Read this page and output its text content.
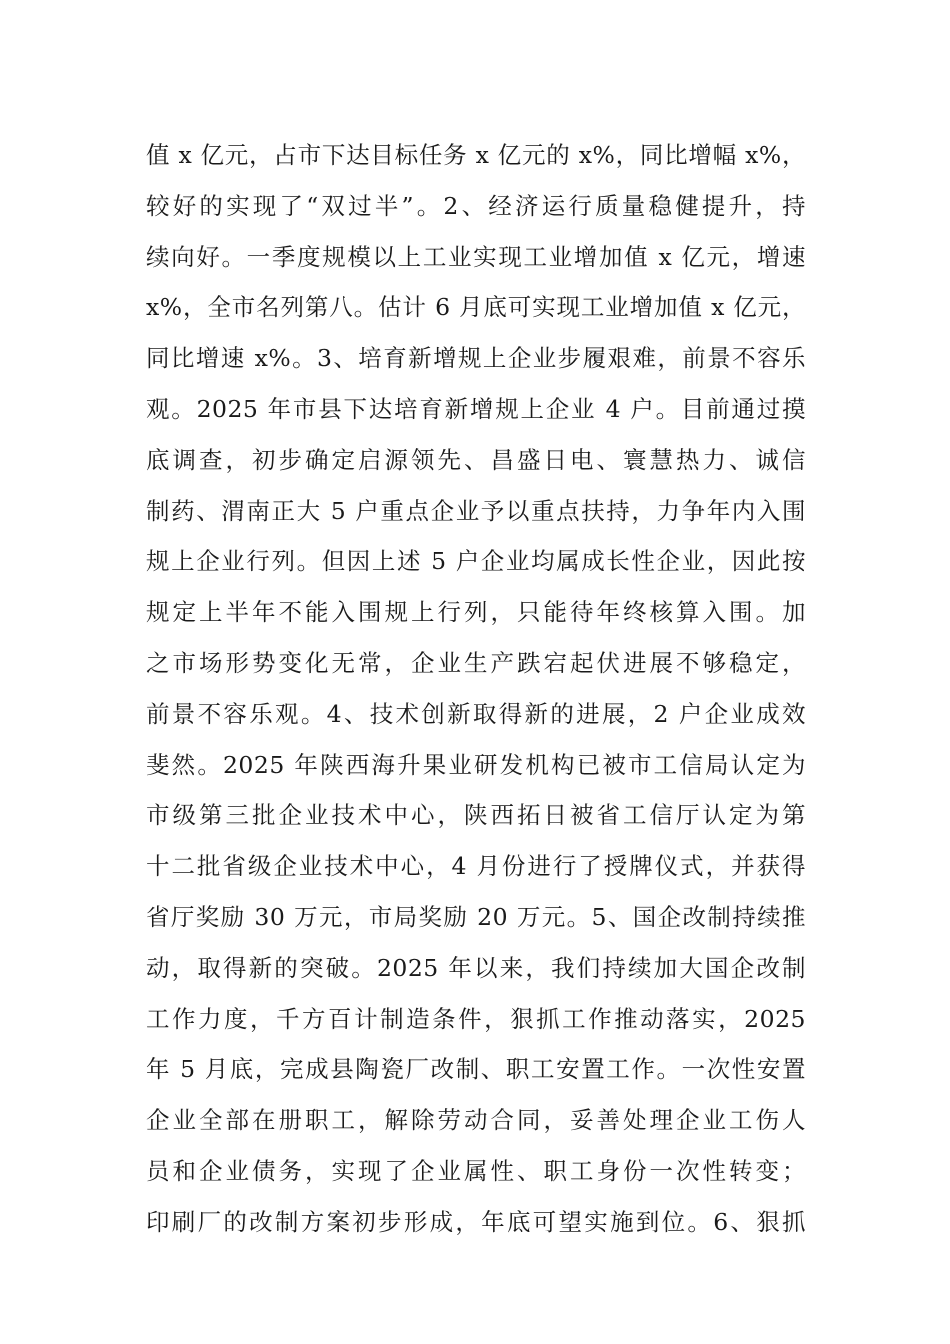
值 x 亿元，占市下达目标任务 x 亿元的 x%，同比增幅 x%，
较好的实现了“双过半”。2、经济运行质量稳健提升，持
续向好。一季度规模以上工业实现工业增加值 x 亿元，增速
x%，全市名列第八。估计 6 月底可实现工业增加值 x 亿元，
同比增速 x%。3、培育新增规上企业步履艰难，前景不容乐
观。2025 年市县下达培育新增规上企业 4 户。目前通过摸
底调查，初步确定启源领先、昌盛日电、寰慧热力、诚信
制药、渭南正大 5 户重点企业予以重点扶持，力争年内入围
规上企业行列。但因上述 5 户企业均属成长性企业，因此按
规定上半年不能入围规上行列，只能待年终核算入围。加
之市场形势变化无常，企业生产跌宕起伏进展不够稳定，
前景不容乐观。4、技术创新取得新的进展，2 户企业成效
斐然。2025 年陕西海升果业研发机构已被市工信局认定为
市级第三批企业技术中心，陕西拓日被省工信厅认定为第
十二批省级企业技术中心，4 月份进行了授牌仪式，并获得
省厅奖励 30 万元，市局奖励 20 万元。5、国企改制持续推
动，取得新的突破。2025 年以来，我们持续加大国企改制
工作力度，千方百计制造条件，狠抓工作推动落实，2025
年 5 月底，完成县陶瓷厂改制、职工安置工作。一次性安置
企业全部在册职工，解除劳动合同，妥善处理企业工伤人
员和企业债务，实现了企业属性、职工身份一次性转变；
印刷厂的改制方案初步形成，年底可望实施到位。6、狠抓
